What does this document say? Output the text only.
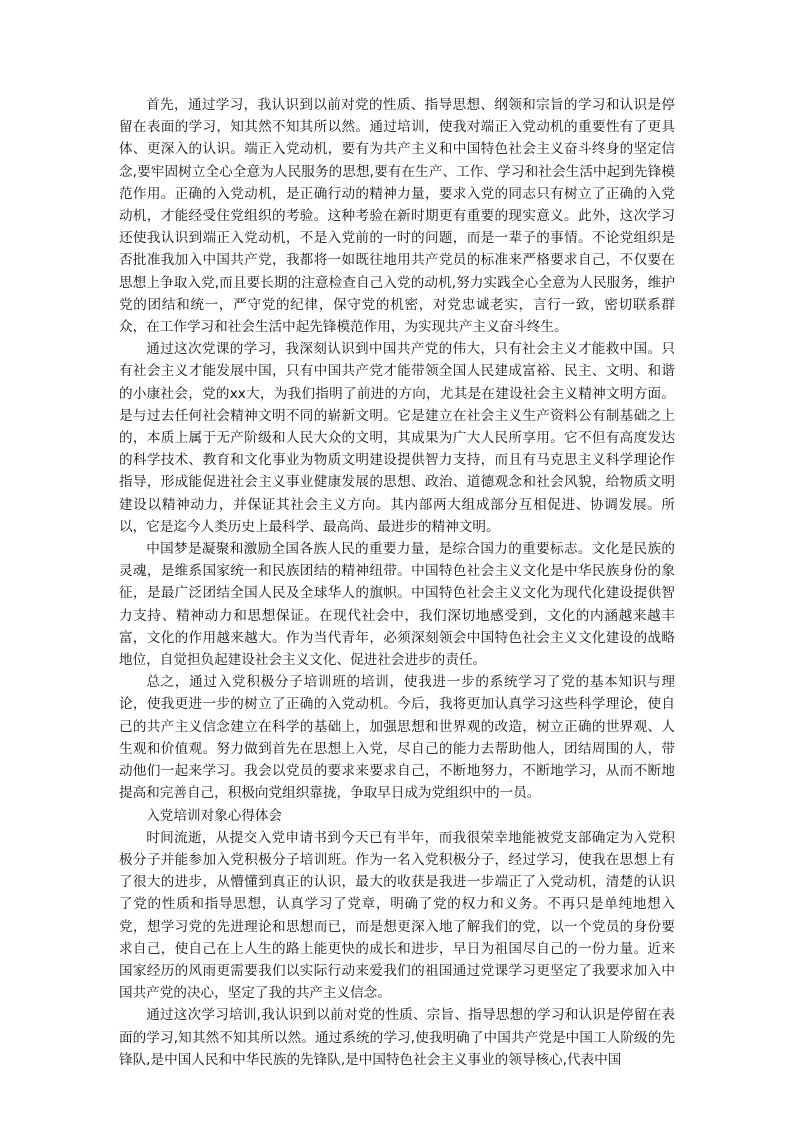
首先，通过学习，我认识到以前对党的性质、指导思想、纲领和宗旨的学习和认识是停留在表面的学习，知其然不知其所以然。通过培训，使我对端正入党动机的重要性有了更具体、更深入的认识。端正入党动机，要有为共产主义和中国特色社会主义奋斗终身的坚定信念,要牢固树立全心全意为人民服务的思想,要有在生产、工作、学习和社会生活中起到先锋模范作用。正确的入党动机，是正确行动的精神力量，要求入党的同志只有树立了正确的入党动机，才能经受住党组织的考验。这种考验在新时期更有重要的现实意义。此外，这次学习还使我认识到端正入党动机，不是入党前的一时的问题，而是一辈子的事情。不论党组织是否批准我加入中国共产党，我都将一如既往地用共产党员的标准来严格要求自己，不仅要在思想上争取入党,而且要长期的注意检查自己入党的动机,努力实践全心全意为人民服务，维护党的团结和统一，严守党的纪律，保守党的机密，对党忠诚老实，言行一致，密切联系群众，在工作学习和社会生活中起先锋模范作用，为实现共产主义奋斗终生。

通过这次党课的学习，我深刻认识到中国共产党的伟大，只有社会主义才能救中国。只有社会主义才能发展中国，只有中国共产党才能带领全国人民建成富裕、民主、文明、和谐的小康社会，党的xx大，为我们指明了前进的方向，尤其是在建设社会主义精神文明方面。是与过去任何社会精神文明不同的崭新文明。它是建立在社会主义生产资料公有制基础之上的，本质上属于无产阶级和人民大众的文明，其成果为广大人民所享用。它不但有高度发达的科学技术、教育和文化事业为物质文明建设提供智力支持，而且有马克思主义科学理论作指导，形成能促进社会主义事业健康发展的思想、政治、道德观念和社会风貌，给物质文明建设以精神动力，并保证其社会主义方向。其内部两大组成部分互相促进、协调发展。所以，它是迄今人类历史上最科学、最高尚、最进步的精神文明。

中国梦是凝聚和激励全国各族人民的重要力量，是综合国力的重要标志。文化是民族的灵魂，是维系国家统一和民族团结的精神纽带。中国特色社会主义文化是中华民族身份的象征，是最广泛团结全国人民及全球华人的旗帜。中国特色社会主义文化为现代化建设提供智力支持、精神动力和思想保证。在现代社会中，我们深切地感受到，文化的内涵越来越丰富，文化的作用越来越大。作为当代青年，必须深刻领会中国特色社会主义文化建设的战略地位，自觉担负起建设社会主义文化、促进社会进步的责任。

总之，通过入党积极分子培训班的培训，使我进一步的系统学习了党的基本知识与理论，使我更进一步的树立了正确的入党动机。今后，我将更加认真学习这些科学理论，使自己的共产主义信念建立在科学的基础上，加强思想和世界观的改造，树立正确的世界观、人生观和价值观。努力做到首先在思想上入党，尽自己的能力去帮助他人，团结周围的人，带动他们一起来学习。我会以党员的要求来要求自己，不断地努力，不断地学习，从而不断地提高和完善自己，积极向党组织靠拢，争取早日成为党组织中的一员。

入党培训对象心得体会

时间流逝，从提交入党申请书到今天已有半年，而我很荣幸地能被党支部确定为入党积极分子并能参加入党积极分子培训班。作为一名入党积极分子，经过学习，使我在思想上有了很大的进步，从懵懂到真正的认识，最大的收获是我进一步端正了入党动机，清楚的认识了党的性质和指导思想，认真学习了党章，明确了党的权力和义务。不再只是单纯地想入党，想学习党的先进理论和思想而已，而是想更深入地了解我们的党，以一个党员的身份要求自己，使自己在上人生的路上能更快的成长和进步，早日为祖国尽自己的一份力量。近来国家经历的风雨更需要我们以实际行动来爱我们的祖国通过党课学习更坚定了我要求加入中国共产党的决心，坚定了我的共产主义信念。

通过这次学习培训,我认识到以前对党的性质、宗旨、指导思想的学习和认识是停留在表面的学习,知其然不知其所以然。通过系统的学习,使我明确了中国共产党是中国工人阶级的先锋队,是中国人民和中华民族的先锋队,是中国特色社会主义事业的领导核心,代表中国
